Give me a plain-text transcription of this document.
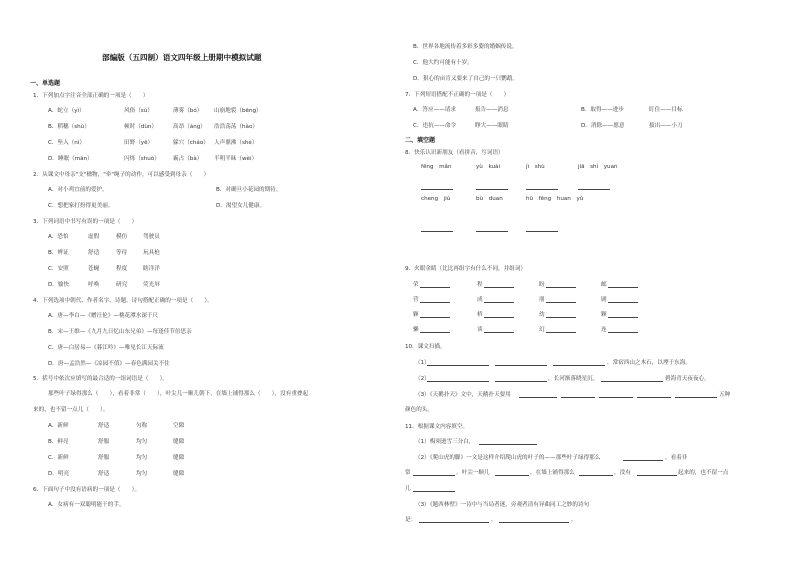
部编版（五四制）语文四年级上册期中模拟试题
一、单选题
1．下列加点字注音全部正确的一项是（　　）
A．蛇立（yì）	风俗（sù）	薄雾（bó） 山崩地裂（bēng）
B．稻穗（shù）	顿时（dùn）	高昂（áng） 浩浩荡荡（hào）
C．坠入（nì）	田野（yě）	躲穴（cháo） 人声鼎沸（shè）
D．睡眠（mán）	闪烁（shuò） 霸占（bà） 半明半昧（wèi）
2．从课文中母亲"支"楹物，"牵"绳子的动作，可以感受到母亲（　　）
A．对小鸡宜前的爱护。	B．对确旦小花园的期待。
C．想把家打扮得更美丽。	D．渴望女儿健康。
3．下列词语中书写有误的一项是（　　）
A．恐怕	虚假	模仿	驾驶员
B．辨证	舒适	等待	玩具枪
C．安照	苍蝇	程度	瞎洋洋
D．愉快	呼唤	研究	荧光屏
4．下列选项中朝代、作者名字、诗题、诗句搭配正确的一项是（　　）。
A．唐—李白—《赠汪伦》—桃花潭水深千尺
B．宋—王维—《九月九日忆山东兄弟》—每逢佳节倍思亲
C．唐—白居易—《暮江吟》—唯见长江天际流
D．唐—孟浩然—《凉园不值》—春色满园关不住
5．括号中依次应填写的最合适的一组词语是（　　）。
那些叶子绿得那么（　　），看着非常（　　），叶尖儿一顺儿朝下，在墙上铺得那么（　　），没有重叠起
来的，也不留一点儿（　　）。
A．新鲜	舒适	匀称	空隙
B．鲜亮	舒服	均匀	缝隙
C．新鲜	舒服	均匀	缝隙
D．明亮	舒适	均匀	缝隙
6．下面句子中没有语病的一项是（　　）。
A．女病有一双聪明能干的手。
B．世界各地流传着多彩多姿的婚姻传说。
C．他大约可能有十岁。
D．狠心的亩肯又要来了自己的一只鹦鹉。
7．下列短语搭配不正确的一项是（　　）
A．答应——请求	报告——消息	B．取得——进步	盯住——目标
C．违抗——命令	睁大——眼睛	D．消除——愿意	拔出——小刀
二、填空题
8．快乐认识新朋友（看拼音，写词语）
fēng　mǎn	yù　kuài	jì　shù	jiā　shì　yuan
cheng　jiù	bù　duan	hū　fēng　huan　yǔ
9．火眼金睛（比比再组字有什么不同，并组词）
荣	程	盼	邮
营	成	朋	剧
颗	桥	幼	颗
懒	谈	幻	连
10．课文扫描。
（1）	，常宿西山之木石，以堙于东海。
（2）	，长河渐落晓星沉。	碧海青天夜夜心。
（3）《天鹅扑天》文中，天鹅扑天要用	五种
颜色的头。
11．根据课文内容填空。
（1）梅须逊雪三分白，
（2）《爬山虎的脚》一文是这样介绍爬山虎的叶子的——那些叶子绿得那么	，看着非
常	。叶尖一顺儿	，在墙上铺得那么	，没有	起来的，也不留一点
儿
（3）《题西林壁》一诗中与当局者迷，旁观者清有异曲同工之妙的诗句
是：	，	。
